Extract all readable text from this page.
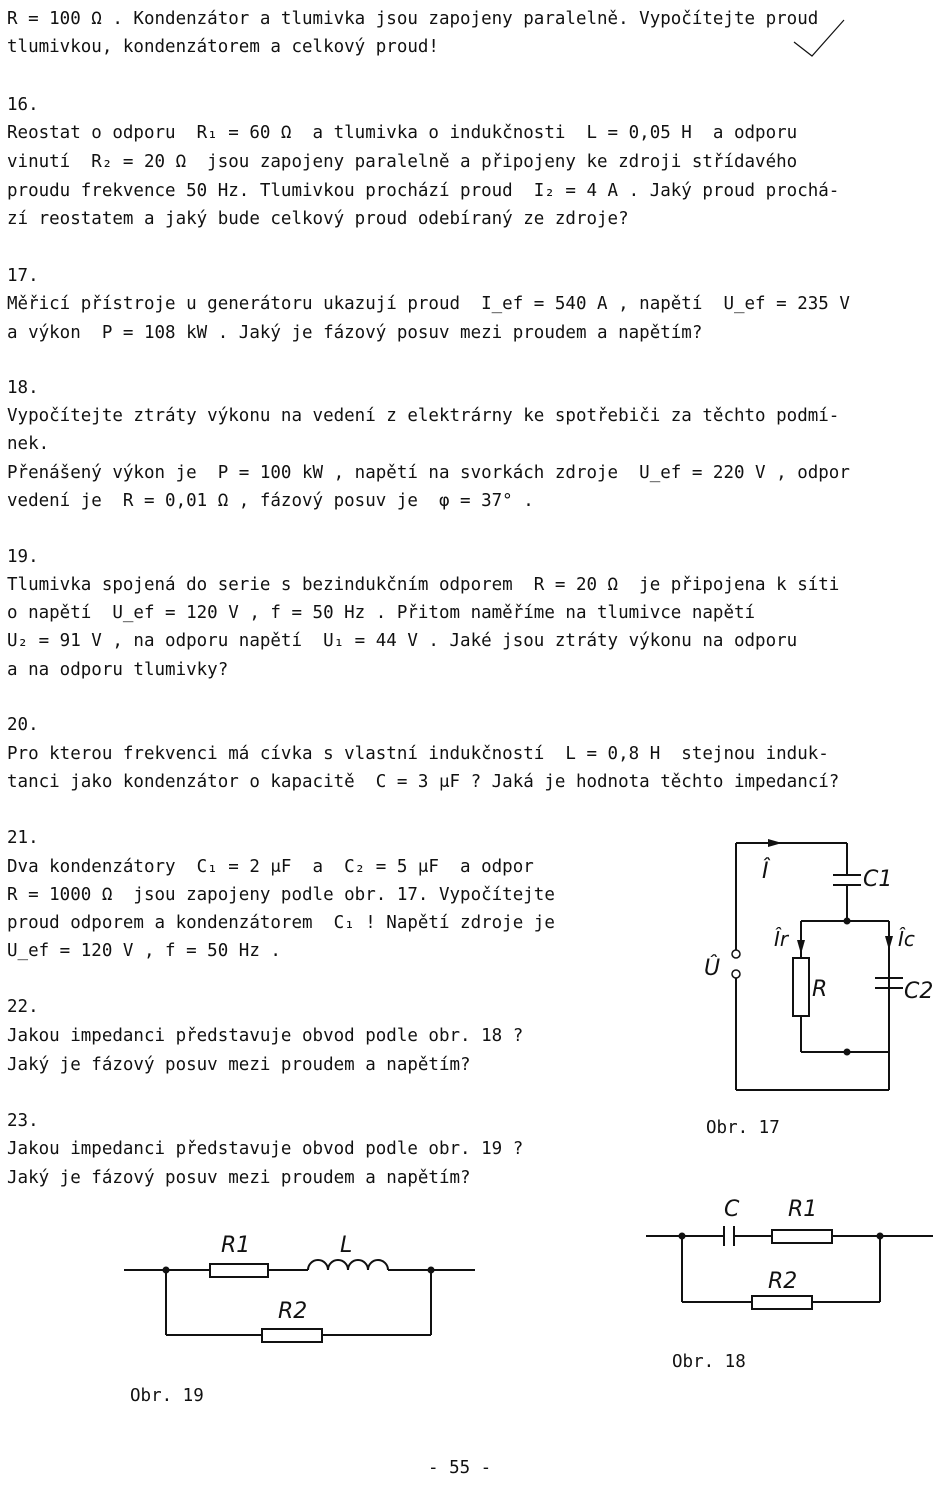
R = 100 Ω . Kondenzátor a tlumivka jsou zapojeny paralelně. Vypočítejte proud
tlumivkou, kondenzátorem a celkový proud!
16.
Reostat o odporu  R₁ = 60 Ω  a tlumivka o indukčnosti  L = 0,05 H  a odporu
vinutí  R₂ = 20 Ω  jsou zapojeny paralelně a připojeny ke zdroji střídavého
proudu frekvence 50 Hz. Tlumivkou prochází proud  I₂ = 4 A . Jaký proud prochá-
zí reostatem a jaký bude celkový proud odebíraný ze zdroje?
17.
Měřicí přístroje u generátoru ukazují proud  I_ef = 540 A , napětí  U_ef = 235 V
a výkon  P = 108 kW . Jaký je fázový posuv mezi proudem a napětím?
18.
Vypočítejte ztráty výkonu na vedení z elektrárny ke spotřebiči za těchto podmí-
nek.
Přenášený výkon je  P = 100 kW , napětí na svorkách zdroje  U_ef = 220 V , odpor
vedení je  R = 0,01 Ω , fázový posuv je  φ = 37° .
19.
Tlumivka spojená do serie s bezindukčním odporem  R = 20 Ω  je připojena k síti
o napětí  U_ef = 120 V , f = 50 Hz . Přitom naměříme na tlumivce napětí
U₂ = 91 V , na odporu napětí  U₁ = 44 V . Jaké jsou ztráty výkonu na odporu
a na odporu tlumivky?
20.
Pro kterou frekvenci má cívka s vlastní indukčností  L = 0,8 H  stejnou induk-
tanci jako kondenzátor o kapacitě  C = 3 μF ? Jaká je hodnota těchto impedancí?
21.
Dva kondenzátory  C₁ = 2 μF  a  C₂ = 5 μF  a odpor
R = 1000 Ω  jsou zapojeny podle obr. 17. Vypočítejte
proud odporem a kondenzátorem  C₁ ! Napětí zdroje je
U_ef = 120 V , f = 50 Hz .
22.
Jakou impedanci představuje obvod podle obr. 18 ?
Jaký je fázový posuv mezi proudem a napětím?
23.
Jakou impedanci představuje obvod podle obr. 19 ?
Jaký je fázový posuv mezi proudem a napětím?
Î
Û
Îr	Îc
C1
C2
R
Obr. 17
C R1
R2
Obr. 18
R1	L
R2
Obr. 19
- 55 -
